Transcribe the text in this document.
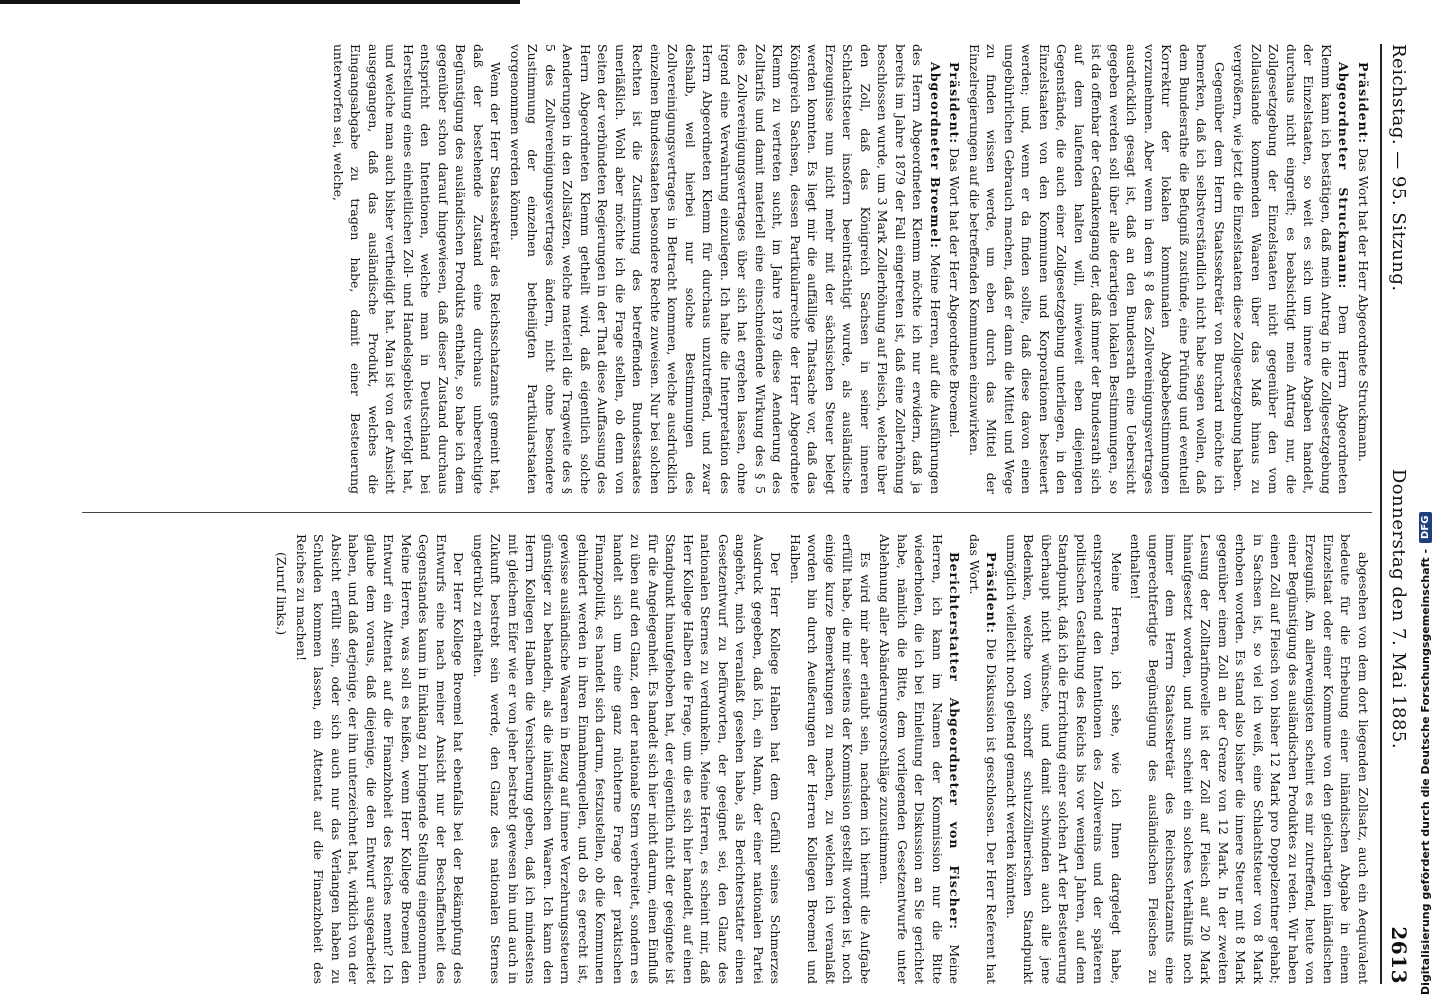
Reichstag. — 95. Sitzung.
Donnerstag den 7. Mai 1885.
2613

Präsident: Das Wort hat der Herr Abgeordnete Struckmann.

Abgeordneter Struckmann: Dem Herrn Abgeordneten Klemm kann ich bestätigen, daß mein Antrag in die Zollgesetzgebung der Einzelstaaten, so weit es sich um innere Abgaben handelt, durchaus nicht eingreift; es beabsichtigt mein Antrag nur, die Zollgesetzgebung der Einzelstaaten nicht gegenüber den vom Zollauslande kommenden Waaren über das Maß hinaus zu vergrößern, wie jetzt die Einzelstaaten diese Zollgesetzgebung haben.

Gegenüber dem Herrn Staatssekretär von Burchard möchte ich bemerken, daß ich selbstverständlich nicht habe sagen wollen, daß dem Bundesrathe die Befugniß zustünde, eine Prüfung und eventuell Korrektur der lokalen kommunalen Abgabebestimmungen vorzunehmen. Aber wenn in dem § 8 des Zollvereinigungsvertrages ausdrücklich gesagt ist, daß an den Bundesrath eine Uebersicht gegeben werden soll über alle derartigen lokalen Bestimmungen, so ist da offenbar der Gedankengang der, daß immer der Bundesrath sich auf dem laufenden halten will, inwieweit eben diejenigen Gegenstände, die auch einer Zollgesetzgebung unterliegen, in den Einzelstaaten von den Kommunen und Korporationen besteuert werden; und, wenn er da finden sollte, daß diese davon einen ungebührlichen Gebrauch machen, daß er dann die Mittel und Wege zu finden wissen werde, um eben durch das Mittel der Einzelregierungen auf die betreffenden Kommunen einzuwirken.

Präsident: Das Wort hat der Herr Abgeordnete Broemel.

Abgeordneter Broemel: Meine Herren, auf die Ausführungen des Herrn Abgeordneten Klemm möchte ich nur erwidern, daß ja bereits im Jahre 1879 der Fall eingetreten ist, daß eine Zollerhöhung beschlossen wurde, um 3 Mark Zollerhöhung auf Fleisch, welche über den Zoll, daß das Königreich Sachsen in seiner inneren Schlachtsteuer insofern beeinträchtigt wurde, als ausländische Erzeugnisse nun nicht mehr mit der sächsischen Steuer belegt werden konnten. Es liegt mir die auffällige Thatsache vor, daß das Königreich Sachsen, dessen Partikularrechte der Herr Abgeordnete Klemm zu vertreten sucht, im Jahre 1879 diese Aenderung des Zolltarifs und damit materiell eine einschneidende Wirkung des § 5 des Zollvereinigungsvertrages über sich hat ergehen lassen, ohne irgend eine Verwahrung einzulegen. Ich halte die Interpretation des Herrn Abgeordneten Klemm für durchaus unzutreffend, und zwar deshalb, weil hierbei nur solche Bestimmungen des Zollvereinigungsvertrages in Betracht kommen, welche ausdrücklich einzelnen Bundesstaaten besondere Rechte zuweisen. Nur bei solchen Rechten ist die Zustimmung des betreffenden Bundesstaates unerläßlich. Wohl aber möchte ich die Frage stellen, ob denn von Seiten der verbündeten Regierungen in der That diese Auffassung des Herrn Abgeordneten Klemm getheilt wird, daß eigentlich solche Aenderungen in den Zollsätzen, welche materiell die Tragweite des § 5 des Zollvereinigungsvertrages ändern, nicht ohne besondere Zustimmung der einzelnen betheiligten Partikularstaaten vorgenommen werden können.

Wenn der Herr Staatssekretär des Reichsschatzamts gemeint hat, daß der bestehende Zustand eine durchaus unberechtigte Begünstigung des ausländischen Produkts enthalte, so habe ich dem gegenüber schon darauf hingewiesen, daß dieser Zustand durchaus entspricht den Intentionen, welche man in Deutschland bei Herstellung eines einheitlichen Zoll- und Handelsgebiets verfolgt hat, und welche man auch bisher vertheidigt hat. Man ist von der Ansicht ausgegangen, daß das ausländische Produkt, welches die Eingangsabgabe zu tragen habe, damit einer Besteuerung unterworfen sei, welche,

abgesehen von dem dort liegenden Zollsatz, auch ein Aequivalent bedeute für die Erhebung einer inländischen Abgabe in einem Einzelstaat oder einer Kommune von den gleichartigen inländischen Erzeugniß. Am allerwenigsten scheint es mir zutreffend, heute von einer Begünstigung des ausländischen Produktes zu reden. Wir haben einen Zoll auf Fleisch von bisher 12 Mark pro Doppelzentner gehabt; in Sachsen ist, so viel ich weiß, eine Schlachtsteuer von 8 Mark erhoben worden. Es stand also bisher die innere Steuer mit 8 Mark gegenüber einem Zoll an der Grenze von 12 Mark. In der zweiten Lesung der Zolltarifnovelle ist der Zoll auf Fleisch auf 20 Mark hinaufgesetzt worden, und nun scheint ein solches Verhältniß noch immer dem Herrn Staatssekretär des Reichsschatzamts eine ungerechtfertigte Begünstigung des ausländischen Fleisches zu enthalten!

Meine Herren, ich sehe, wie ich Ihnen dargelegt habe, entsprechend den Intentionen des Zollvereins und der späteren politischen Gestaltung des Reichs bis vor wenigen Jahren, auf dem Standpunkt, daß ich die Errichtung einer solchen Art der Besteuerung überhaupt nicht wünsche, und damit schwinden auch alle jene Bedenken, welche vom schroff schutzzöllnerischen Standpunkt unmöglich vielleicht noch geltend gemacht werden könnten.

Präsident: Die Diskussion ist geschlossen. Der Herr Referent hat das Wort.

Berichterstatter Abgeordneter von Fischer: Meine Herren, ich kann im Namen der Kommission nur die Bitte wiederholen, die ich bei Einleitung der Diskussion an Sie gerichtet habe, nämlich die Bitte, dem vorliegenden Gesetzentwurfe unter Ablehnung aller Abänderungsvorschläge zuzustimmen.

Es wird mir aber erlaubt sein, nachdem ich hiermit die Aufgabe erfüllt habe, die mir seitens der Kommission gestellt worden ist, noch einige kurze Bemerkungen zu machen, zu welchen ich veranlaßt worden bin durch Aeußerungen der Herren Kollegen Broemel und Halben.

Der Herr Kollege Halben hat dem Gefühl seines Schmerzes Ausdruck gegeben, daß ich, ein Mann, der einer nationalen Partei angehört, mich veranlaßt gesehen habe, als Berichterstatter einen Gesetzentwurf zu befürworten, der geeignet sei, den Glanz des nationalen Sternes zu verdunkeln. Meine Herren, es scheint mir, daß Herr Kollege Halben die Frage, um die es sich hier handelt, auf einen Standpunkt hinaufgehoben hat, der eigentlich nicht der geeignete ist für die Angelegenheit. Es handelt sich hier nicht darum, einen Einfluß zu üben auf den Glanz, den der nationale Stern verbreitet, sondern es handelt sich um eine ganz nüchterne Frage der praktischen Finanzpolitik, es handelt sich darum, festzustellen, ob die Kommunen gehindert werden in ihren Einnahmequellen, und ob es gerecht ist, gewisse ausländische Waaren in Bezug auf innere Verzehrungssteuern günstiger zu behandeln, als die inländischen Waaren. Ich kann den Herrn Kollegen Halben die Versicherung geben, daß ich mindestens mit gleichem Eifer wie er von jeher bestrebt gewesen bin und auch in Zukunft bestrebt sein werde, den Glanz des nationalen Sternes ungetrübt zu erhalten.

Der Herr Kollege Broemel hat ebenfalls bei der Bekämpfung des Entwurfs eine nach meiner Ansicht nur der Beschaffenheit des Gegenstandes kaum in Einklang zu bringende Stellung eingenommen. Meine Herren, was soll es heißen, wenn Herr Kollege Broemel den Entwurf ein Attentat auf die Finanzhoheit des Reiches nennt? Ich glaube dem voraus, daß diejenige, die den Entwurf ausgearbeitet haben, und daß derjenige, der ihn unterzeichnet hat, wirklich von der Absicht erfüllt sein, oder sich auch nur das Verlangen haben zu Schulden kommen lassen, ein Attentat auf die Finanzhoheit des Reiches zu machen!

(Zuruf links.)	Digitalisierung gefördert durch die Deutsche Forschungsgemeinschaft -
DFG
